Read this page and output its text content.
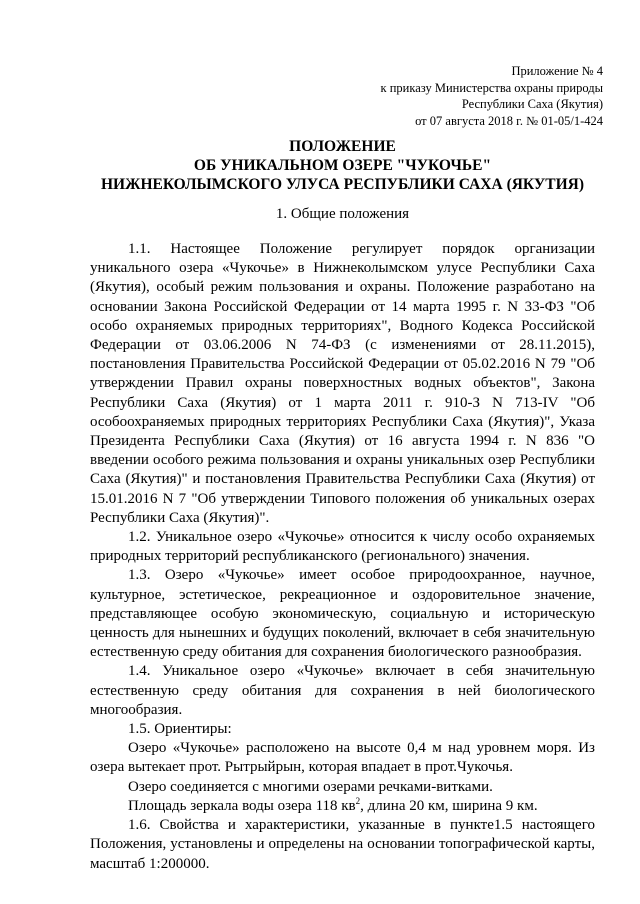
Приложение № 4
к приказу Министерства охраны природы
Республики Саха (Якутия)
от 07 августа 2018 г. № 01-05/1-424
ПОЛОЖЕНИЕ
ОБ УНИКАЛЬНОМ ОЗЕРЕ "ЧУКОЧЬЕ"
НИЖНЕКОЛЫМСКОГО УЛУСА РЕСПУБЛИКИ САХА (ЯКУТИЯ)
1. Общие положения

1.1. Настоящее Положение регулирует порядок организации уникального озера «Чукочье» в Нижнеколымском улусе Республики Саха (Якутия), особый режим пользования и охраны. Положение разработано на основании Закона Российской Федерации от 14 марта 1995 г. N 33-ФЗ "Об особо охраняемых природных территориях", Водного Кодекса Российской Федерации от 03.06.2006 N 74-ФЗ (с изменениями от 28.11.2015), постановления Правительства Российской Федерации от 05.02.2016 N 79 "Об утверждении Правил охраны поверхностных водных объектов", Закона Республики Саха (Якутия) от 1 марта 2011 г. 910-З N 713-IV "Об особоохраняемых природных территориях Республики Саха (Якутия)", Указа Президента Республики Саха (Якутия) от 16 августа 1994 г. N 836 "О введении особого режима пользования и охраны уникальных озер Республики Саха (Якутия)" и постановления Правительства Республики Саха (Якутия) от 15.01.2016 N 7 "Об утверждении Типового положения об уникальных озерах Республики Саха (Якутия)".

1.2. Уникальное озеро «Чукочье» относится к числу особо охраняемых природных территорий республиканского (регионального) значения.

1.3. Озеро «Чукочье» имеет особое природоохранное, научное, культурное, эстетическое, рекреационное и оздоровительное значение, представляющее особую экономическую, социальную и историческую ценность для нынешних и будущих поколений, включает в себя значительную естественную среду обитания для сохранения биологического разнообразия.

1.4. Уникальное озеро «Чукочье» включает в себя значительную естественную среду обитания для сохранения в ней биологического многообразия.

1.5. Ориентиры:

Озеро «Чукочье» расположено на высоте 0,4 м над уровнем моря. Из озера вытекает прот. Рытрыйрын, которая впадает в прот.Чукочья.

Озеро соединяется с многими озерами речками-витками.

Площадь зеркала воды озера 118 $кв^2$, длина 20 км, ширина 9 км.

1.6. Свойства и характеристики, указанные в пункте1.5 настоящего Положения, установлены и определены на основании топографической карты, масштаб 1:200000.
